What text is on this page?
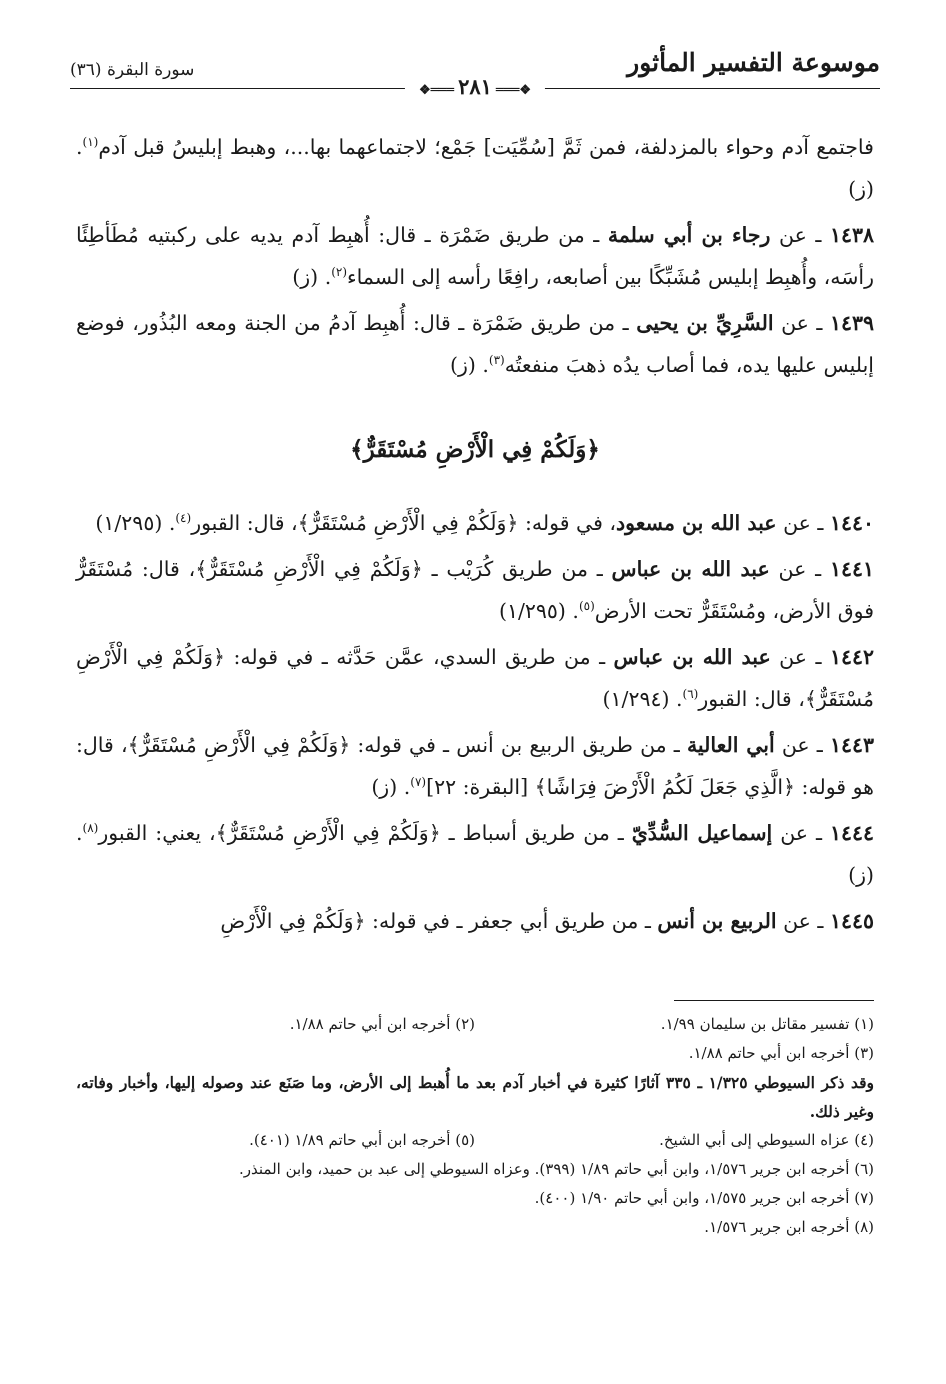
موسوعة التفسير المأثور
سورة البقرة (٣٦)
❖═══٢٨١═══❖

فاجتمع آدم وحواء بالمزدلفة، فمن ثَمَّ [سُمِّيَت] جَمْع؛ لاجتماعهما بها...، وهبط إبليسُ قبل آدم$^{(١)}$. (ز)

١٤٣٨ ـ عن رجاء بن أبي سلمة ـ من طريق ضَمْرَة ـ قال: أُهبِط آدم يديه على ركبتيه مُطَأطِئًا رأسَه، وأُهبِط إبليس مُشَبِّكًا بين أصابعه، رافِعًا رأسه إلى السماء$^{(٢)}$. (ز)

١٤٣٩ ـ عن السَّرِيِّ بن يحيى ـ من طريق ضَمْرَة ـ قال: أُهبِط آدمُ من الجنة ومعه البُذُور، فوضع إبليس عليها يده، فما أصاب يدُه ذهبَ منفعتُه$^{(٣)}$. (ز)

﴿وَلَكُمْ فِي الْأَرْضِ مُسْتَقَرٌّ﴾

١٤٤٠ ـ عن عبد الله بن مسعود، في قوله: ﴿وَلَكُمْ فِي الْأَرْضِ مُسْتَقَرٌّ﴾، قال: القبور$^{(٤)}$. (١/٢٩٥)

١٤٤١ ـ عن عبد الله بن عباس ـ من طريق كُرَيْب ـ ﴿وَلَكُمْ فِي الْأَرْضِ مُسْتَقَرٌّ﴾، قال: مُسْتَقَرٌّ فوق الأرض، ومُسْتَقَرٌّ تحت الأرض$^{(٥)}$. (١/٢٩٥)

١٤٤٢ ـ عن عبد الله بن عباس ـ من طريق السدي، عمَّن حَدَّثه ـ في قوله: ﴿وَلَكُمْ فِي الْأَرْضِ مُسْتَقَرٌّ﴾، قال: القبور$^{(٦)}$. (١/٢٩٤)

١٤٤٣ ـ عن أبي العالية ـ من طريق الربيع بن أنس ـ في قوله: ﴿وَلَكُمْ فِي الْأَرْضِ مُسْتَقَرٌّ﴾، قال: هو قوله: ﴿الَّذِي جَعَلَ لَكُمُ الْأَرْضَ فِرَاشًا﴾ [البقرة: ٢٢]$^{(٧)}$. (ز)

١٤٤٤ ـ عن إسماعيل السُّدِّيّ ـ من طريق أسباط ـ ﴿وَلَكُمْ فِي الْأَرْضِ مُسْتَقَرٌّ﴾، يعني: القبور$^{(٨)}$. (ز)

١٤٤٥ ـ عن الربيع بن أنس ـ من طريق أبي جعفر ـ في قوله: ﴿وَلَكُمْ فِي الْأَرْضِ

(١) تفسير مقاتل بن سليمان ١/٩٩.
(٢) أخرجه ابن أبي حاتم ١/٨٨.
(٣) أخرجه ابن أبي حاتم ١/٨٨.
وقد ذكر السيوطي ١/٣٢٥ ـ ٣٣٥ آثارًا كثيرة في أخبار آدم بعد ما أُهبط إلى الأرض، وما صَنَع عند وصوله إليها، وأخبار وفاته، وغير ذلك.
(٤) عزاه السيوطي إلى أبي الشيخ.
(٥) أخرجه ابن أبي حاتم ١/٨٩ (٤٠١).
(٦) أخرجه ابن جرير ١/٥٧٦، وابن أبي حاتم ١/٨٩ (٣٩٩). وعزاه السيوطي إلى عبد بن حميد، وابن المنذر.
(٧) أخرجه ابن جرير ١/٥٧٥، وابن أبي حاتم ١/٩٠ (٤٠٠).
(٨) أخرجه ابن جرير ١/٥٧٦.
